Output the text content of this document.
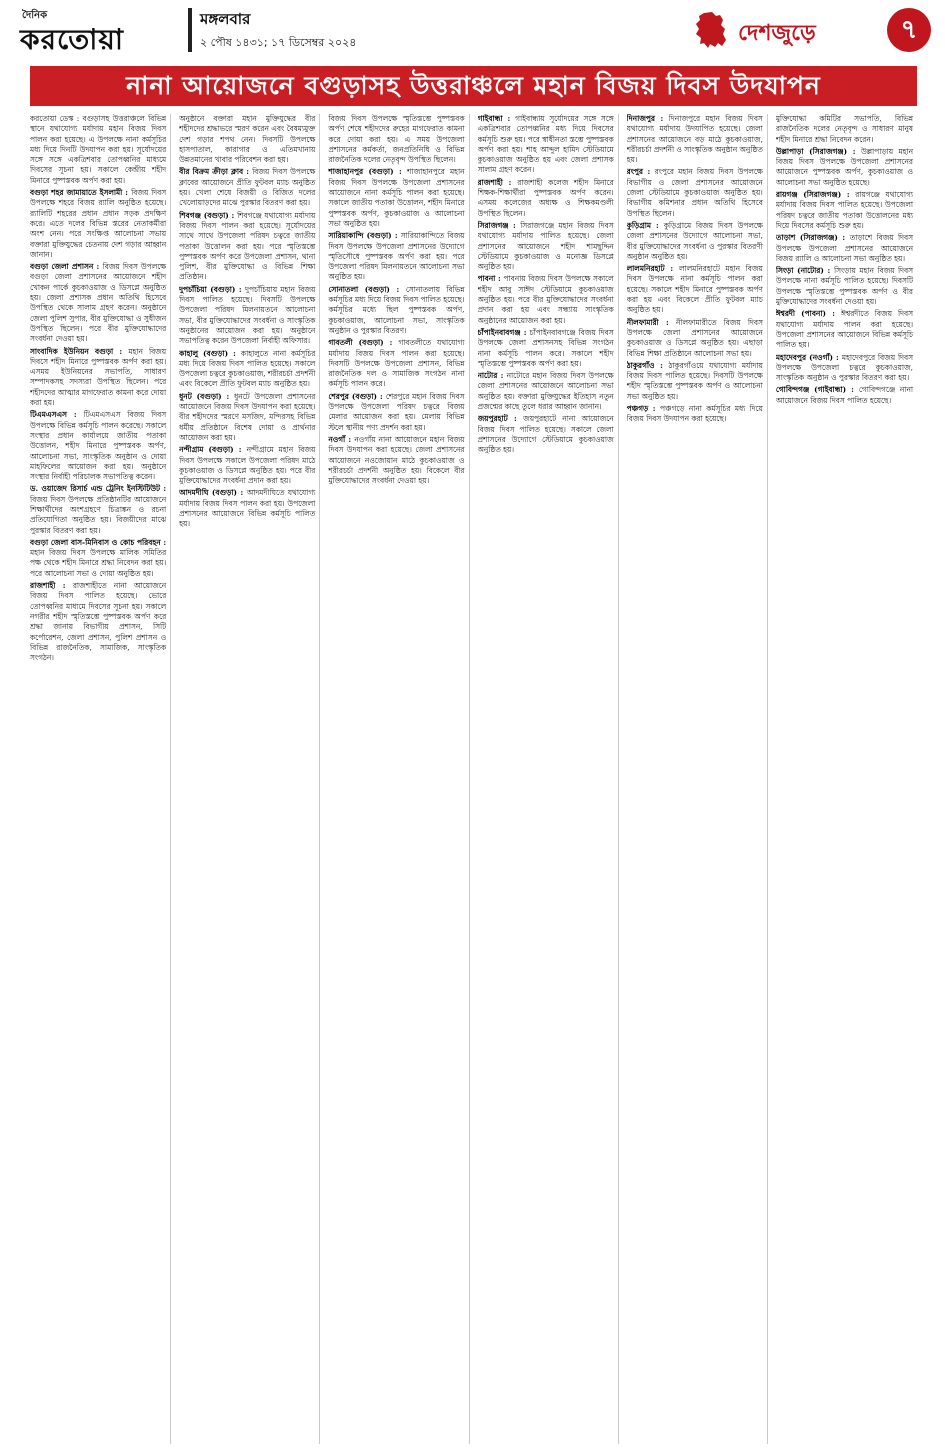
দৈনিক
করতোয়া
মঙ্গলবার
২ পৌষ ১৪৩১; ১৭ ডিসেম্বর ২০২৪	দেশজুড়ে	৭
নানা আয়োজনে বগুড়াসহ উত্তরাঞ্চলে মহান বিজয় দিবস উদযাপন

করতোয়া ডেস্ক : বগুড়াসহ উত্তরাঞ্চলে বিভিন্ন স্থানে যথাযোগ্য মর্যাদায় মহান বিজয় দিবস পালন করা হয়েছে। এ উপলক্ষে নানা কর্মসূচির মধ্য দিয়ে দিনটি উদযাপন করা হয়। সূর্যোদয়ের সঙ্গে সঙ্গে একত্রিশবার তোপধ্বনির মাধ্যমে দিবসের সূচনা হয়। সকালে কেন্দ্রীয় শহীদ মিনারে পুষ্পস্তবক অর্পণ করা হয়।

বগুড়া শহর জামায়াতে ইসলামী : বিজয় দিবস উপলক্ষে শহরে বিজয় র‍্যালি অনুষ্ঠিত হয়েছে। র‍্যালিটি শহরের প্রধান প্রধান সড়ক প্রদক্ষিণ করে। এতে দলের বিভিন্ন স্তরের নেতাকর্মীরা অংশ নেন। পরে সংক্ষিপ্ত আলোচনা সভায় বক্তারা মুক্তিযুদ্ধের চেতনায় দেশ গড়ার আহ্বান জানান।

বগুড়া জেলা প্রশাসন : বিজয় দিবস উপলক্ষে বগুড়া জেলা প্রশাসনের আয়োজনে শহীদ খোকন পার্কে কুচকাওয়াজ ও ডিসপ্লে অনুষ্ঠিত হয়। জেলা প্রশাসক প্রধান অতিথি হিসেবে উপস্থিত থেকে সালাম গ্রহণ করেন। অনুষ্ঠানে জেলা পুলিশ সুপার, বীর মুক্তিযোদ্ধা ও সুধীজন উপস্থিত ছিলেন। পরে বীর মুক্তিযোদ্ধাদের সংবর্ধনা দেওয়া হয়।

সাংবাদিক ইউনিয়ন বগুড়া : মহান বিজয় দিবসে শহীদ মিনারে পুষ্পস্তবক অর্পণ করা হয়। এসময় ইউনিয়নের সভাপতি, সাধারণ সম্পাদকসহ সদস্যরা উপস্থিত ছিলেন। পরে শহীদদের আত্মার মাগফেরাত কামনা করে দোয়া করা হয়।

টিএমএসএস : টিএমএসএস বিজয় দিবস উপলক্ষে বিভিন্ন কর্মসূচি পালন করেছে। সকালে সংস্থার প্রধান কার্যালয়ে জাতীয় পতাকা উত্তোলন, শহীদ মিনারে পুষ্পস্তবক অর্পণ, আলোচনা সভা, সাংস্কৃতিক অনুষ্ঠান ও দোয়া মাহফিলের আয়োজন করা হয়। অনুষ্ঠানে সংস্থার নির্বাহী পরিচালক সভাপতিত্ব করেন।

ড. ওয়াজেদ রিসার্চ এন্ড ট্রেনিং ইনস্টিটিউট : বিজয় দিবস উপলক্ষে প্রতিষ্ঠানটির আয়োজনে শিক্ষার্থীদের অংশগ্রহণে চিত্রাঙ্কন ও রচনা প্রতিযোগিতা অনুষ্ঠিত হয়। বিজয়ীদের মাঝে পুরস্কার বিতরণ করা হয়।

বগুড়া জেলা বাস-মিনিবাস ও কোচ পরিবহন : মহান বিজয় দিবস উপলক্ষে মালিক সমিতির পক্ষ থেকে শহীদ মিনারে শ্রদ্ধা নিবেদন করা হয়। পরে আলোচনা সভা ও দোয়া অনুষ্ঠিত হয়।

রাজশাহী : রাজশাহীতে নানা আয়োজনে বিজয় দিবস পালিত হয়েছে। ভোরে তোপধ্বনির মাধ্যমে দিবসের সূচনা হয়। সকালে নগরীর শহীদ স্মৃতিস্তম্ভে পুষ্পস্তবক অর্পণ করে শ্রদ্ধা জানায় বিভাগীয় প্রশাসন, সিটি কর্পোরেশন, জেলা প্রশাসন, পুলিশ প্রশাসন ও বিভিন্ন রাজনৈতিক, সামাজিক, সাংস্কৃতিক সংগঠন।

অনুষ্ঠানে বক্তারা মহান মুক্তিযুদ্ধের বীর শহীদদের শ্রদ্ধাভরে স্মরণ করেন এবং বৈষম্যমুক্ত দেশ গড়ার শপথ নেন। দিবসটি উপলক্ষে হাসপাতাল, কারাগার ও এতিমখানায় উন্নতমানের খাবার পরিবেশন করা হয়।

বীর বিক্রম ক্রীড়া ক্লাব : বিজয় দিবস উপলক্ষে ক্লাবের আয়োজনে প্রীতি ফুটবল ম্যাচ অনুষ্ঠিত হয়। খেলা শেষে বিজয়ী ও বিজিত দলের খেলোয়াড়দের মাঝে পুরস্কার বিতরণ করা হয়।

শিবগঞ্জ (বগুড়া) : শিবগঞ্জে যথাযোগ্য মর্যাদায় বিজয় দিবস পালন করা হয়েছে। সূর্যোদয়ের সাথে সাথে উপজেলা পরিষদ চত্বরে জাতীয় পতাকা উত্তোলন করা হয়। পরে স্মৃতিস্তম্ভে পুষ্পস্তবক অর্পণ করে উপজেলা প্রশাসন, থানা পুলিশ, বীর মুক্তিযোদ্ধা ও বিভিন্ন শিক্ষা প্রতিষ্ঠান।

দুপচাঁচিয়া (বগুড়া) : দুপচাঁচিয়ায় মহান বিজয় দিবস পালিত হয়েছে। দিবসটি উপলক্ষে উপজেলা পরিষদ মিলনায়তনে আলোচনা সভা, বীর মুক্তিযোদ্ধাদের সংবর্ধনা ও সাংস্কৃতিক অনুষ্ঠানের আয়োজন করা হয়। অনুষ্ঠানে সভাপতিত্ব করেন উপজেলা নির্বাহী অফিসার।

কাহালু (বগুড়া) : কাহালুতে নানা কর্মসূচির মধ্য দিয়ে বিজয় দিবস পালিত হয়েছে। সকালে উপজেলা চত্বরে কুচকাওয়াজ, শরীরচর্চা প্রদর্শনী এবং বিকেলে প্রীতি ফুটবল ম্যাচ অনুষ্ঠিত হয়।

ধুনট (বগুড়া) : ধুনটে উপজেলা প্রশাসনের আয়োজনে বিজয় দিবস উদযাপন করা হয়েছে। বীর শহীদদের স্মরণে মসজিদ, মন্দিরসহ বিভিন্ন ধর্মীয় প্রতিষ্ঠানে বিশেষ দোয়া ও প্রার্থনার আয়োজন করা হয়।

নন্দীগ্রাম (বগুড়া) : নন্দীগ্রামে মহান বিজয় দিবস উপলক্ষে সকালে উপজেলা পরিষদ মাঠে কুচকাওয়াজ ও ডিসপ্লে অনুষ্ঠিত হয়। পরে বীর মুক্তিযোদ্ধাদের সংবর্ধনা প্রদান করা হয়।

আদমদীঘি (বগুড়া) : আদমদীঘিতে যথাযোগ্য মর্যাদায় বিজয় দিবস পালন করা হয়। উপজেলা প্রশাসনের আয়োজনে বিভিন্ন কর্মসূচি পালিত হয়।

বিজয় দিবস উপলক্ষে স্মৃতিস্তম্ভে পুষ্পস্তবক অর্পণ শেষে শহীদদের রুহের মাগফেরাত কামনা করে দোয়া করা হয়। এ সময় উপজেলা প্রশাসনের কর্মকর্তা, জনপ্রতিনিধি ও বিভিন্ন রাজনৈতিক দলের নেতৃবৃন্দ উপস্থিত ছিলেন।

শাজাহানপুর (বগুড়া) : শাজাহানপুরে মহান বিজয় দিবস উপলক্ষে উপজেলা প্রশাসনের আয়োজনে নানা কর্মসূচি পালন করা হয়েছে। সকালে জাতীয় পতাকা উত্তোলন, শহীদ মিনারে পুষ্পস্তবক অর্পণ, কুচকাওয়াজ ও আলোচনা সভা অনুষ্ঠিত হয়।

সারিয়াকান্দি (বগুড়া) : সারিয়াকান্দিতে বিজয় দিবস উপলক্ষে উপজেলা প্রশাসনের উদ্যোগে স্মৃতিসৌধে পুষ্পস্তবক অর্পণ করা হয়। পরে উপজেলা পরিষদ মিলনায়তনে আলোচনা সভা অনুষ্ঠিত হয়।

সোনাতলা (বগুড়া) : সোনাতলায় বিভিন্ন কর্মসূচির মধ্য দিয়ে বিজয় দিবস পালিত হয়েছে। কর্মসূচির মধ্যে ছিল পুষ্পস্তবক অর্পণ, কুচকাওয়াজ, আলোচনা সভা, সাংস্কৃতিক অনুষ্ঠান ও পুরস্কার বিতরণ।

গাবতলী (বগুড়া) : গাবতলীতে যথাযোগ্য মর্যাদায় বিজয় দিবস পালন করা হয়েছে। দিবসটি উপলক্ষে উপজেলা প্রশাসন, বিভিন্ন রাজনৈতিক দল ও সামাজিক সংগঠন নানা কর্মসূচি পালন করে।

শেরপুর (বগুড়া) : শেরপুরে মহান বিজয় দিবস উপলক্ষে উপজেলা পরিষদ চত্বরে বিজয় মেলার আয়োজন করা হয়। মেলায় বিভিন্ন স্টলে স্থানীয় পণ্য প্রদর্শন করা হয়।

নওগাঁ : নওগাঁয় নানা আয়োজনে মহান বিজয় দিবস উদযাপন করা হয়েছে। জেলা প্রশাসনের আয়োজনে নওজোয়ান মাঠে কুচকাওয়াজ ও শরীরচর্চা প্রদর্শনী অনুষ্ঠিত হয়। বিকেলে বীর মুক্তিযোদ্ধাদের সংবর্ধনা দেওয়া হয়।

গাইবান্ধা : গাইবান্ধায় সূর্যোদয়ের সঙ্গে সঙ্গে একত্রিশবার তোপধ্বনির মধ্য দিয়ে দিবসের কর্মসূচি শুরু হয়। পরে স্বাধীনতা স্তম্ভে পুষ্পস্তবক অর্পণ করা হয়। শাহ আব্দুল হামিদ স্টেডিয়ামে কুচকাওয়াজ অনুষ্ঠিত হয় এবং জেলা প্রশাসক সালাম গ্রহণ করেন।

রাজশাহী : রাজশাহী কলেজ শহীদ মিনারে শিক্ষক-শিক্ষার্থীরা পুষ্পস্তবক অর্পণ করেন। এসময় কলেজের অধ্যক্ষ ও শিক্ষকমণ্ডলী উপস্থিত ছিলেন।

সিরাজগঞ্জ : সিরাজগঞ্জে মহান বিজয় দিবস যথাযোগ্য মর্যাদায় পালিত হয়েছে। জেলা প্রশাসনের আয়োজনে শহীদ শামছুদ্দিন স্টেডিয়ামে কুচকাওয়াজ ও মনোজ্ঞ ডিসপ্লে অনুষ্ঠিত হয়।

পাবনা : পাবনায় বিজয় দিবস উপলক্ষে সকালে শহীদ আবু সাঈদ স্টেডিয়ামে কুচকাওয়াজ অনুষ্ঠিত হয়। পরে বীর মুক্তিযোদ্ধাদের সংবর্ধনা প্রদান করা হয় এবং সন্ধ্যায় সাংস্কৃতিক অনুষ্ঠানের আয়োজন করা হয়।

চাঁপাইনবাবগঞ্জ : চাঁপাইনবাবগঞ্জে বিজয় দিবস উপলক্ষে জেলা প্রশাসনসহ বিভিন্ন সংগঠন নানা কর্মসূচি পালন করে। সকালে শহীদ স্মৃতিস্তম্ভে পুষ্পস্তবক অর্পণ করা হয়।

নাটোর : নাটোরে মহান বিজয় দিবস উপলক্ষে জেলা প্রশাসনের আয়োজনে আলোচনা সভা অনুষ্ঠিত হয়। বক্তারা মুক্তিযুদ্ধের ইতিহাস নতুন প্রজন্মের কাছে তুলে ধরার আহ্বান জানান।

জয়পুরহাট : জয়পুরহাটে নানা আয়োজনে বিজয় দিবস পালিত হয়েছে। সকালে জেলা প্রশাসনের উদ্যোগে স্টেডিয়ামে কুচকাওয়াজ অনুষ্ঠিত হয়।

দিনাজপুর : দিনাজপুরে মহান বিজয় দিবস যথাযোগ্য মর্যাদায় উদযাপিত হয়েছে। জেলা প্রশাসনের আয়োজনে বড় মাঠে কুচকাওয়াজ, শরীরচর্চা প্রদর্শনী ও সাংস্কৃতিক অনুষ্ঠান অনুষ্ঠিত হয়।

রংপুর : রংপুরে মহান বিজয় দিবস উপলক্ষে বিভাগীয় ও জেলা প্রশাসনের আয়োজনে জেলা স্টেডিয়ামে কুচকাওয়াজ অনুষ্ঠিত হয়। বিভাগীয় কমিশনার প্রধান অতিথি হিসেবে উপস্থিত ছিলেন।

কুড়িগ্রাম : কুড়িগ্রামে বিজয় দিবস উপলক্ষে জেলা প্রশাসনের উদ্যোগে আলোচনা সভা, বীর মুক্তিযোদ্ধাদের সংবর্ধনা ও পুরস্কার বিতরণী অনুষ্ঠান অনুষ্ঠিত হয়।

লালমনিরহাট : লালমনিরহাটে মহান বিজয় দিবস উপলক্ষে নানা কর্মসূচি পালন করা হয়েছে। সকালে শহীদ মিনারে পুষ্পস্তবক অর্পণ করা হয় এবং বিকেলে প্রীতি ফুটবল ম্যাচ অনুষ্ঠিত হয়।

নীলফামারী : নীলফামারীতে বিজয় দিবস উপলক্ষে জেলা প্রশাসনের আয়োজনে কুচকাওয়াজ ও ডিসপ্লে অনুষ্ঠিত হয়। এছাড়া বিভিন্ন শিক্ষা প্রতিষ্ঠানে আলোচনা সভা হয়।

ঠাকুরগাঁও : ঠাকুরগাঁওয়ে যথাযোগ্য মর্যাদায় বিজয় দিবস পালিত হয়েছে। দিবসটি উপলক্ষে শহীদ স্মৃতিস্তম্ভে পুষ্পস্তবক অর্পণ ও আলোচনা সভা অনুষ্ঠিত হয়।

পঞ্চগড় : পঞ্চগড়ে নানা কর্মসূচির মধ্য দিয়ে বিজয় দিবস উদযাপন করা হয়েছে।

মুক্তিযোদ্ধা কমিটির সভাপতি, বিভিন্ন রাজনৈতিক দলের নেতৃবৃন্দ ও সাধারণ মানুষ শহীদ মিনারে শ্রদ্ধা নিবেদন করেন।

উল্লাপাড়া (সিরাজগঞ্জ) : উল্লাপাড়ায় মহান বিজয় দিবস উপলক্ষে উপজেলা প্রশাসনের আয়োজনে পুষ্পস্তবক অর্পণ, কুচকাওয়াজ ও আলোচনা সভা অনুষ্ঠিত হয়েছে।

রায়গঞ্জ (সিরাজগঞ্জ) : রায়গঞ্জে যথাযোগ্য মর্যাদায় বিজয় দিবস পালিত হয়েছে। উপজেলা পরিষদ চত্বরে জাতীয় পতাকা উত্তোলনের মধ্য দিয়ে দিবসের কর্মসূচি শুরু হয়।

তাড়াশ (সিরাজগঞ্জ) : তাড়াশে বিজয় দিবস উপলক্ষে উপজেলা প্রশাসনের আয়োজনে বিজয় র‍্যালি ও আলোচনা সভা অনুষ্ঠিত হয়।

সিংড়া (নাটোর) : সিংড়ায় মহান বিজয় দিবস উপলক্ষে নানা কর্মসূচি পালিত হয়েছে। দিবসটি উপলক্ষে স্মৃতিস্তম্ভে পুষ্পস্তবক অর্পণ ও বীর মুক্তিযোদ্ধাদের সংবর্ধনা দেওয়া হয়।

ঈশ্বরদী (পাবনা) : ঈশ্বরদীতে বিজয় দিবস যথাযোগ্য মর্যাদায় পালন করা হয়েছে। উপজেলা প্রশাসনের আয়োজনে বিভিন্ন কর্মসূচি পালিত হয়।

মহাদেবপুর (নওগাঁ) : মহাদেবপুরে বিজয় দিবস উপলক্ষে উপজেলা চত্বরে কুচকাওয়াজ, সাংস্কৃতিক অনুষ্ঠান ও পুরস্কার বিতরণ করা হয়।

গোবিন্দগঞ্জ (গাইবান্ধা) : গোবিন্দগঞ্জে নানা আয়োজনে বিজয় দিবস পালিত হয়েছে।
